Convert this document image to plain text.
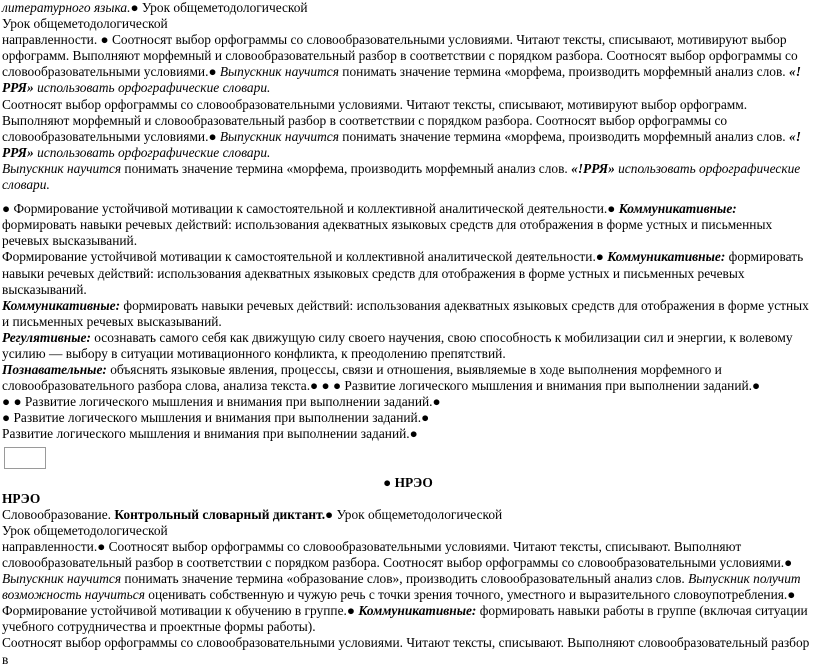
литературного языка.● Урок общеметодологической

Урок общеметодологической

направленности. ● Соотносят выбор орфограммы со словообразовательными условиями. Читают тексты, списывают, мотивируют выбор орфограмм. Выполняют морфемный и словообразовательный разбор в соответствии с порядком разбора. Соотносят выбор орфограммы со словообразовательными условиями.● Выпускник научится понимать значение термина «морфема, производить морфемный анализ слов. «!РРЯ» использовать орфографические словари.

Соотносят выбор орфограммы со словообразовательными условиями. Читают тексты, списывают, мотивируют выбор орфограмм. Выполняют морфемный и словообразовательный разбор в соответствии с порядком разбора. Соотносят выбор орфограммы со словообразовательными условиями.● Выпускник научится понимать значение термина «морфема, производить морфемный анализ слов. «!РРЯ» использовать орфографические словари.

Выпускник научится понимать значение термина «морфема, производить морфемный анализ слов. «!РРЯ» использовать орфографические словари.

● Формирование устойчивой мотивации к самостоятельной и коллективной аналитической деятельности.● Коммуникативные: формировать навыки речевых действий: использования адекватных языковых средств для отображения в форме устных и письменных речевых высказываний.

Формирование устойчивой мотивации к самостоятельной и коллективной аналитической деятельности.● Коммуникативные: формировать навыки речевых действий: использования адекватных языковых средств для отображения в форме устных и письменных речевых высказываний.

Коммуникативные: формировать навыки речевых действий: использования адекватных языковых средств для отображения в форме устных и письменных речевых высказываний.

Регулятивные: осознавать самого себя как движущую силу своего научения, свою способность к мобилизации сил и энергии, к волевому усилию — выбору в ситуации мотивационного конфликта, к преодолению препятствий.

Познавательные: объяснять языковые явления, процессы, связи и отношения, выявляемые в ходе выполнения морфемного и словообразовательного разбора слова, анализа текста.● ● ● Развитие логического мышления и внимания при выполнении заданий.●

● ● Развитие логического мышления и внимания при выполнении заданий.●

● Развитие логического мышления и внимания при выполнении заданий.●

Развитие логического мышления и внимания при выполнении заданий.●

● НРЭО

НРЭО

Словообразование. Контрольный словарный диктант.● Урок общеметодологической

Урок общеметодологической

направленности.● Соотносят выбор орфограммы со словообразовательными условиями. Читают тексты, списывают. Выполняют словообразовательный разбор в соответствии с порядком разбора. Соотносят выбор орфограммы со словообразовательными условиями.● Выпускник научится понимать значение термина «образование слов», производить словообразовательный анализ слов. Выпускник получит возможность научиться оценивать собственную и чужую речь с точки зрения точного, уместного и выразительного словоупотребления.● Формирование устойчивой мотивации к обучению в группе.● Коммуникативные: формировать навыки работы в группе (включая ситуации учебного сотрудничества и проектные формы работы).

Соотносят выбор орфограммы со словообразовательными условиями. Читают тексты, списывают. Выполняют словообразовательный разбор в
